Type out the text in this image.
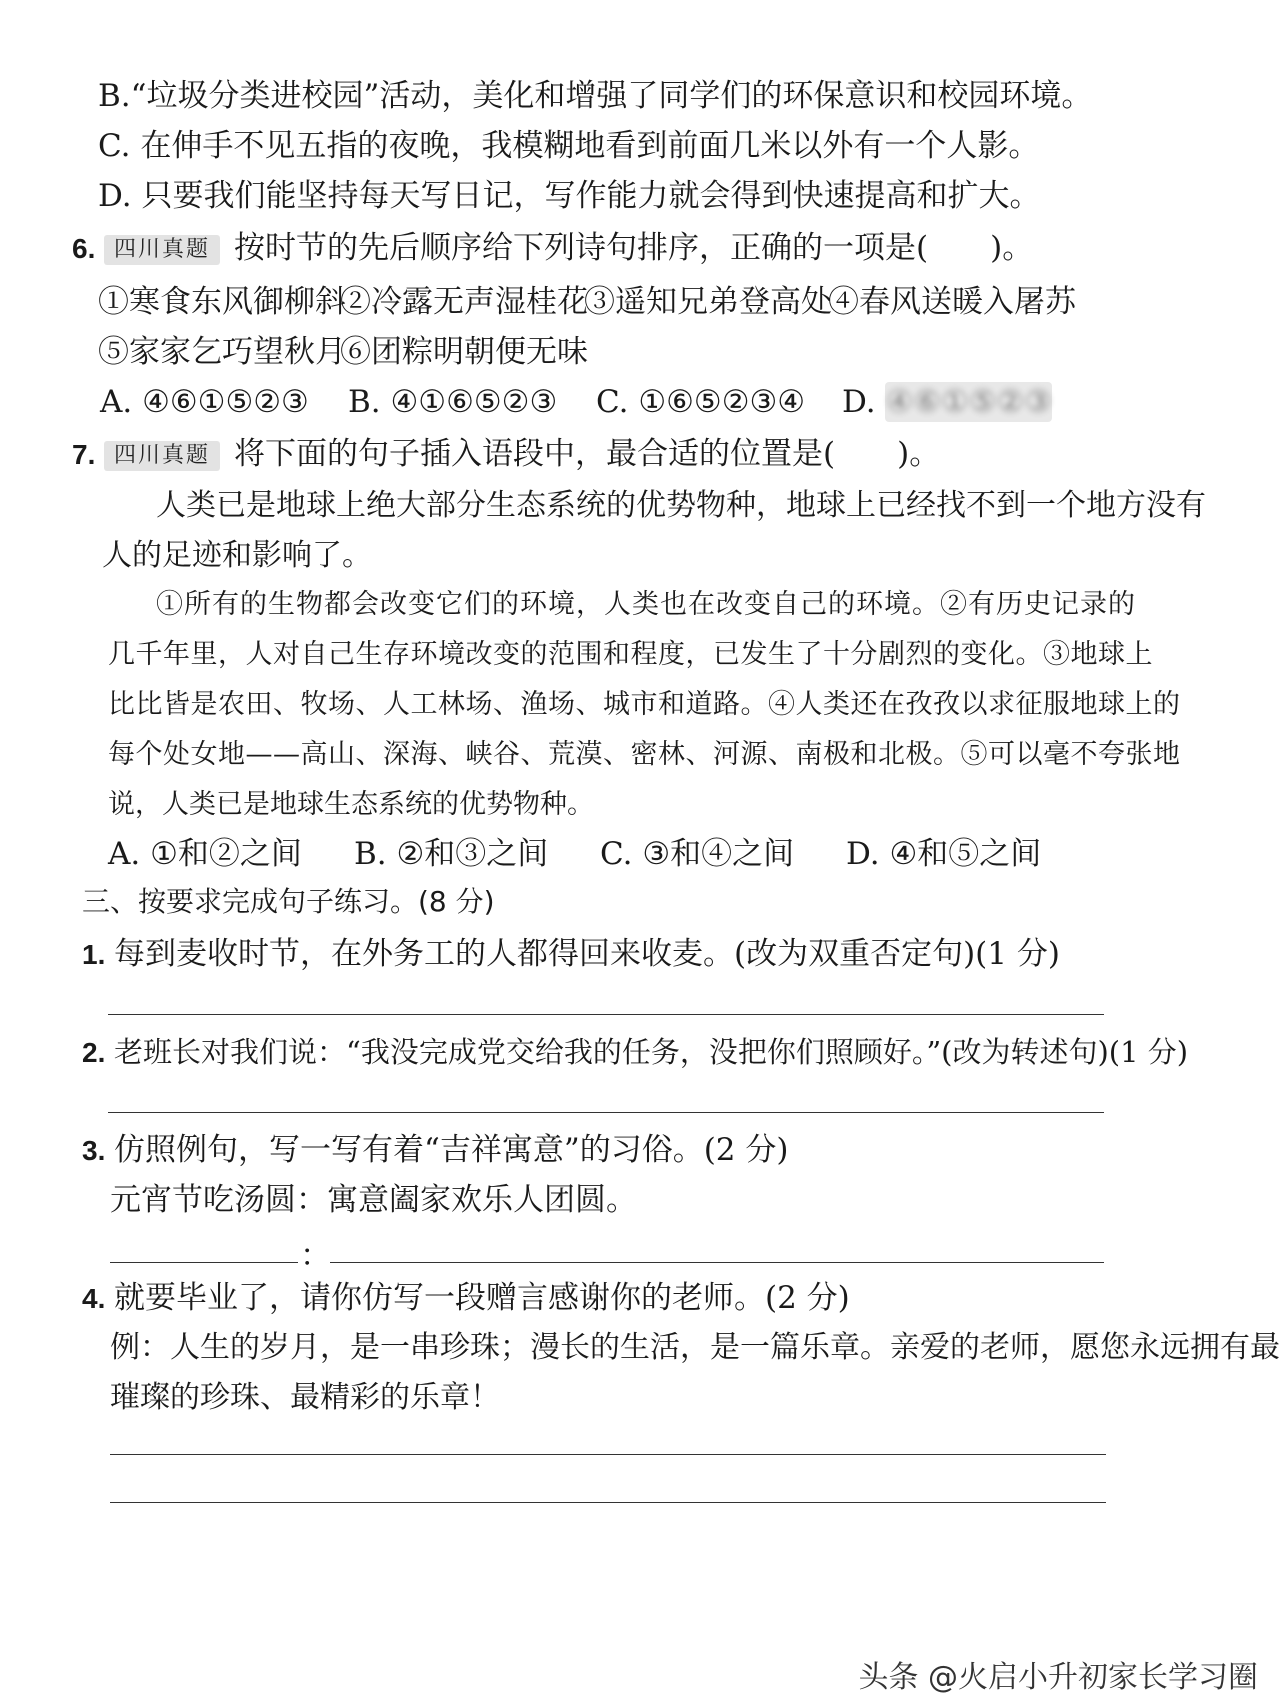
B.“垃圾分类进校园”活动，美化和增强了同学们的环保意识和校园环境。
C. 在伸手不见五指的夜晚，我模糊地看到前面几米以外有一个人影。
D. 只要我们能坚持每天写日记，写作能力就会得到快速提高和扩大。
6. 四川真题 按时节的先后顺序给下列诗句排序，正确的一项是(　　)。
①寒食东风御柳斜
②冷露无声湿桂花
③遥知兄弟登高处
④春风送暖入屠苏
⑤家家乞巧望秋月
⑥团粽明朝便无味
A. ④⑥①⑤②③ B. ④①⑥⑤②③ C. ①⑥⑤②③④ D. ④⑥①⑤②③
7. 四川真题 将下面的句子插入语段中，最合适的位置是(　　)。
人类已是地球上绝大部分生态系统的优势物种，地球上已经找不到一个地方没有
人的足迹和影响了。
①所有的生物都会改变它们的环境，人类也在改变自己的环境。②有历史记录的
几千年里，人对自己生存环境改变的范围和程度，已发生了十分剧烈的变化。③地球上
比比皆是农田、牧场、人工林场、渔场、城市和道路。④人类还在孜孜以求征服地球上的
每个处女地——高山、深海、峡谷、荒漠、密林、河源、南极和北极。⑤可以毫不夸张地
说，人类已是地球生态系统的优势物种。
A. ①和②之间 B. ②和③之间 C. ③和④之间 D. ④和⑤之间
三、按要求完成句子练习。(8 分)
1. 每到麦收时节，在外务工的人都得回来收麦。(改为双重否定句)(1 分)
2. 老班长对我们说：“我没完成党交给我的任务，没把你们照顾好。”(改为转述句)(1 分)
3. 仿照例句，写一写有着“吉祥寓意”的习俗。(2 分)
元宵节吃汤圆：寓意阖家欢乐人团圆。
：
4. 就要毕业了，请你仿写一段赠言感谢你的老师。(2 分)
例：人生的岁月，是一串珍珠；漫长的生活，是一篇乐章。亲爱的老师，愿您永远拥有最
璀璨的珍珠、最精彩的乐章！
头条 @火启小升初家长学习圈
